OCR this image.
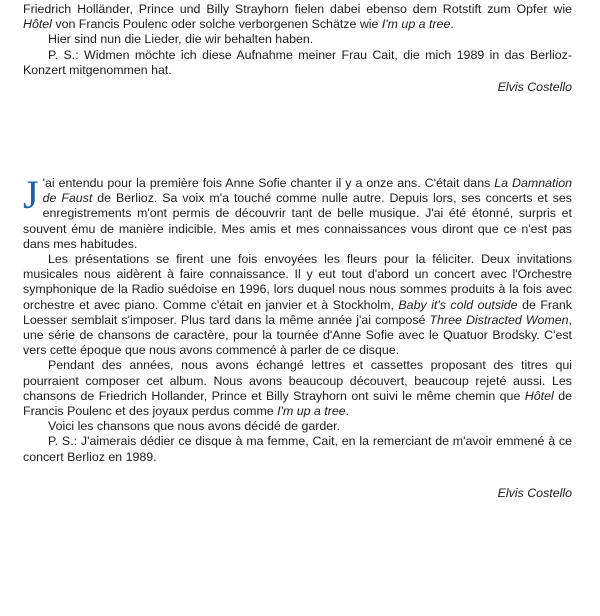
Friedrich Holländer, Prince und Billy Strayhorn fielen dabei ebenso dem Rotstift zum Opfer wie Hôtel von Francis Poulenc oder solche verborgenen Schätze wie I'm up a tree.

Hier sind nun die Lieder, die wir behalten haben.

P. S.: Widmen möchte ich diese Aufnahme meiner Frau Cait, die mich 1989 in das Berlioz-Konzert mitgenommen hat.

Elvis Costello

J 'ai entendu pour la première fois Anne Sofie chanter il y a onze ans. C'était dans La Damnation de Faust de Berlioz. Sa voix m'a touché comme nulle autre. Depuis lors, ses concerts et ses enregistrements m'ont permis de découvrir tant de belle musique. J'ai été étonné, surpris et souvent ému de manière indicible. Mes amis et mes connaissances vous diront que ce n'est pas dans mes habitudes.

Les présentations se firent une fois envoyées les fleurs pour la féliciter. Deux invitations musicales nous aidèrent à faire connaissance. Il y eut tout d'abord un concert avec l'Orchestre symphonique de la Radio suédoise en 1996, lors duquel nous nous sommes produits à la fois avec orchestre et avec piano. Comme c'était en janvier et à Stockholm, Baby it's cold outside de Frank Loesser semblait s'imposer. Plus tard dans la même année j'ai composé Three Distracted Women, une série de chansons de caractère, pour la tournée d'Anne Sofie avec le Quatuor Brodsky. C'est vers cette époque que nous avons commencé à parler de ce disque.

Pendant des années, nous avons échangé lettres et cassettes proposant des titres qui pourraient composer cet album. Nous avons beaucoup découvert, beaucoup rejeté aussi. Les chansons de Friedrich Hollander, Prince et Billy Strayhorn ont suivi le même chemin que Hôtel de Francis Poulenc et des joyaux perdus comme I'm up a tree.

Voici les chansons que nous avons décidé de garder.

P. S.: J'aimerais dédier ce disque à ma femme, Cait, en la remerciant de m'avoir emmené à ce concert Berlioz en 1989.

Elvis Costello
